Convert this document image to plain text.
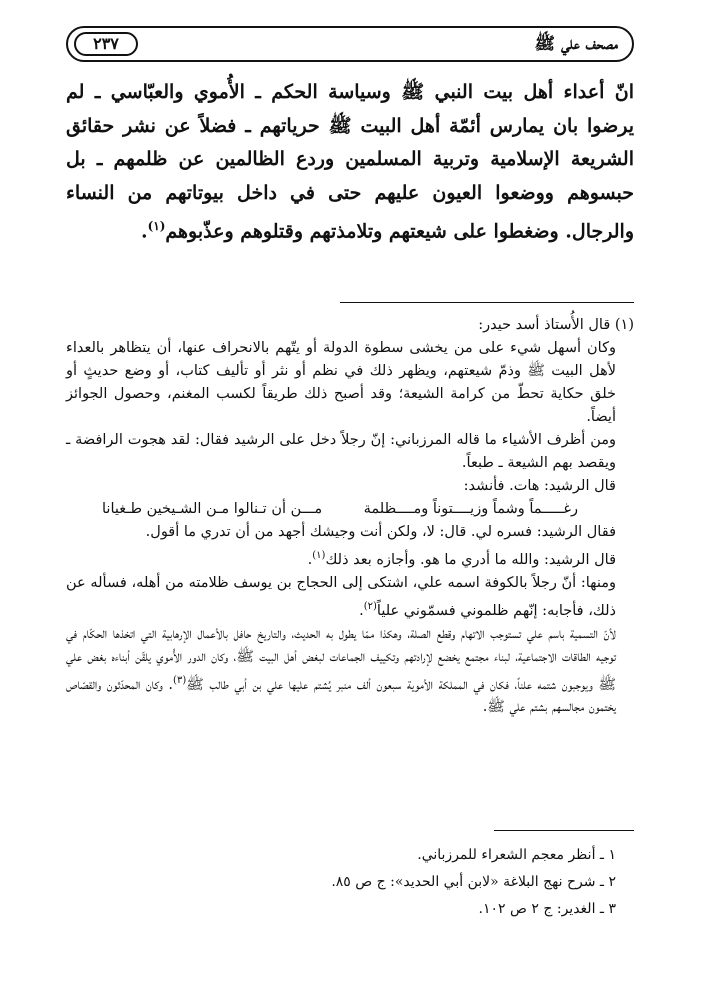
مصحف علي ﷺ
٢٣٧

انّ أعداء أهل بيت النبي ﷺ وسياسة الحكم ـ الأُموي والعبّاسي ـ لم يرضوا بان يمارس أئمّة أهل البيت ﷺ حرياتهم ـ فضلاً عن نشر حقائق الشريعة الإسلامية وتربية المسلمين وردع الظالمين عن ظلمهم ـ بل حبسوهم ووضعوا العيون عليهم حتى في داخل بيوتاتهم من النساء والرجال. وضغطوا على شيعتهم وتلامذتهم وقتلوهم وعذّبوهم$^{(١)}$.

(١) قال الأُستاذ أسد حيدر:

وكان أسهل شيء على من يخشى سطوة الدولة أو يتّهم بالانحراف عنها، أن يتظاهر بالعداء لأهل البيت ﷺ وذمّ شيعتهم، ويظهر ذلك في نظم أو نثر أو تأليف كتاب، أو وضع حديثٍ أو خلق حكاية تحطّ من كرامة الشيعة؛ وقد أصبح ذلك طريقاً لكسب المغنم، وحصول الجوائز أيضاً.

ومن أظرف الأشياء ما قاله المرزباني: إنّ رجلاً دخل على الرشيد فقال: لقد هجوت الرافضة ـ ويقصد بهم الشيعة ـ طبعاً.

قال الرشيد: هات. فأنشد:

رغـــــماً وشماً وزيــــتوناً ومــــظلمة
مـــن أن تـنالوا مـن الشـيخين طـغيانا

فقال الرشيد: فسره لي. قال: لا، ولكن أنت وجيشك أجهد من أن تدري ما أقول.

قال الرشيد: والله ما أدري ما هو. وأجازه بعد ذلك$^{(١)}$.

ومنها: أنّ رجلاً بالكوفة اسمه علي، اشتكى إلى الحجاج بن يوسف ظلامته من أهله، فسأله عن ذلك، فأجابه: إنّهم ظلموني فسمّوني علياً$^{(٢)}$.

لأنّ التسمية باسم علي تستوجب الاتهام وقطع الصلة، وهكذا ممّا يطول به الحديث، والتاريخ حافل بالأعمال الإرهابية التي اتخذها الحكّام في توجيه الطاقات الاجتماعية، لبناء مجتمع يخضع لإرادتهم وتكييف الجماعات لبغض أهل البيت ﷺ، وكان الدور الأُموي يلقّن أبناءه بغض علي ﷺ ويوجبون شتمه علناً، فكان في المملكة الأموية سبعون ألف منبر يُشتم عليها علي بن أبي طالب ﷺ$^{(٣)}$. وكان المحدّثون والقصّاص يختمون مجالسهم بشتم علي ﷺ.

١ ـ أنظر معجم الشعراء للمرزباني.

٢ ـ شرح نهج البلاغة «لابن أبي الحديد»: ج ص ٨٥.

٣ ـ الغدير: ج ٢ ص ١٠٢.
